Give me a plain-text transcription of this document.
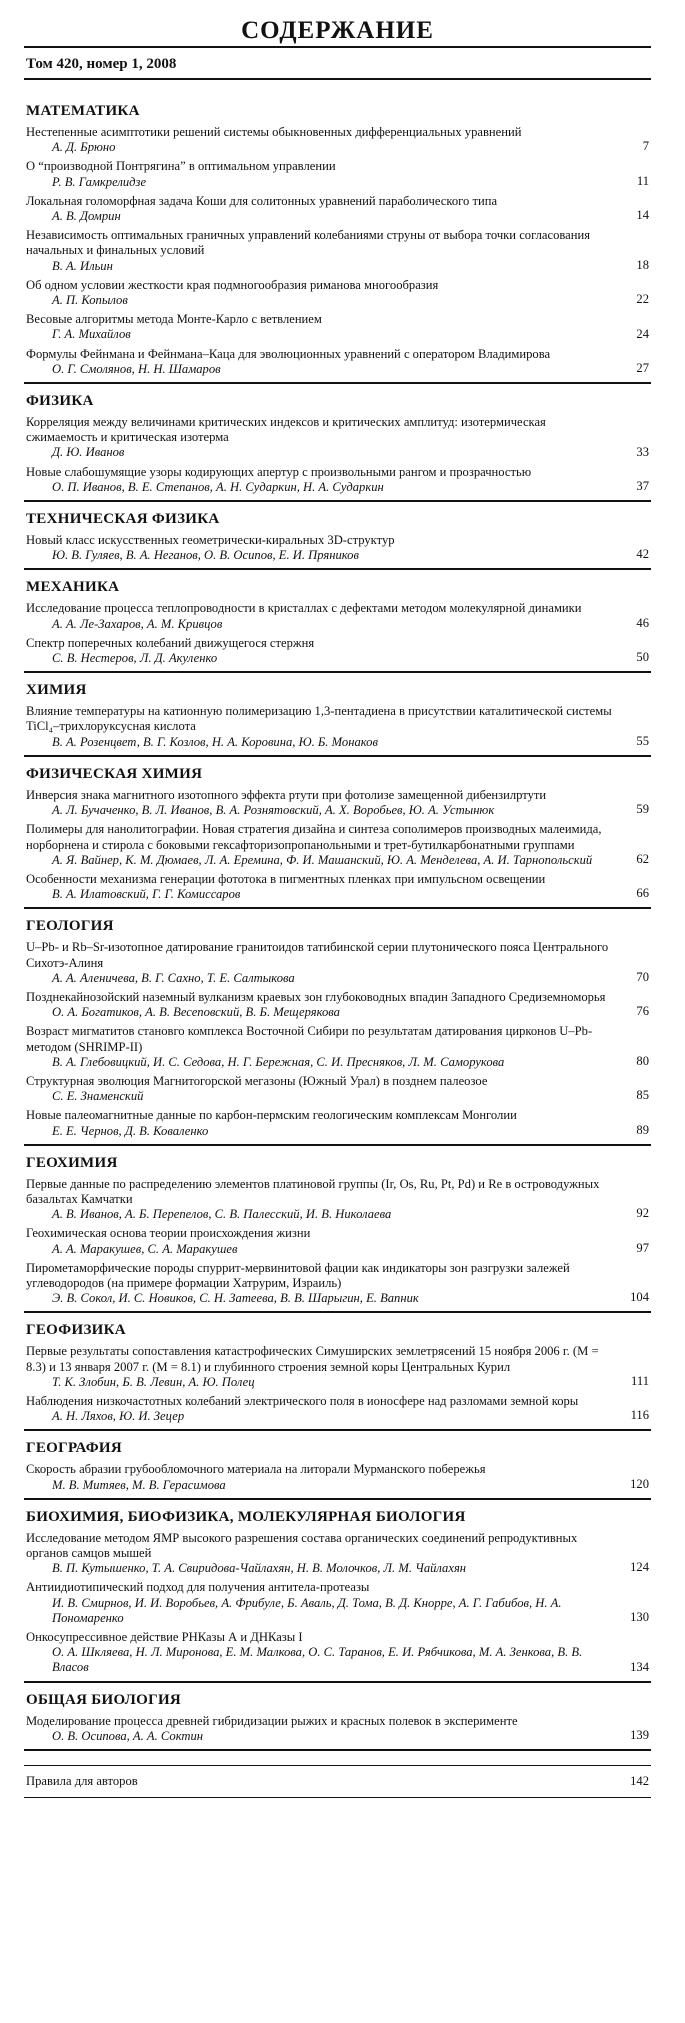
СОДЕРЖАНИЕ
Том 420, номер 1, 2008
МАТЕМАТИКА
Нестепенные асимптотики решений системы обыкновенных дифференциальных уравнений
А. Д. Брюно	7
О “производной Понтрягина” в оптимальном управлении
Р. В. Гамкрелидзе	11
Локальная голоморфная задача Коши для солитонных уравнений параболического типа
А. В. Домрин	14
Независимость оптимальных граничных управлений колебаниями струны от выбора точки согласования начальных и финальных условий
В. А. Ильин	18
Об одном условии жесткости края подмногообразия риманова многообразия
А. П. Копылов	22
Весовые алгоритмы метода Монте-Карло с ветвлением
Г. А. Михайлов	24
Формулы Фейнмана и Фейнмана–Каца для эволюционных уравнений с оператором Владимирова
О. Г. Смолянов, Н. Н. Шамаров	27
ФИЗИКА
Корреляция между величинами критических индексов и критических амплитуд: изотермическая сжимаемость и критическая изотерма
Д. Ю. Иванов	33
Новые слабошумящие узоры кодирующих апертур с произвольными рангом и прозрачностью
О. П. Иванов, В. Е. Степанов, А. Н. Сударкин, Н. А. Сударкин	37
ТЕХНИЧЕСКАЯ ФИЗИКА
Новый класс искусственных геометрически-киральных 3D-структур
Ю. В. Гуляев, В. А. Неганов, О. В. Осипов, Е. И. Пряников	42
МЕХАНИКА
Исследование процесса теплопроводности в кристаллах с дефектами методом молекулярной динамики
А. А. Ле-Захаров, А. М. Кривцов	46
Спектр поперечных колебаний движущегося стержня
С. В. Нестеров, Л. Д. Акуленко	50
ХИМИЯ
Влияние температуры на катионную полимеризацию 1,3-пентадиена в присутствии каталитической системы TiCl₄–трихлоруксусная кислота
В. А. Розенцвет, В. Г. Козлов, Н. А. Коровина, Ю. Б. Монаков	55
ФИЗИЧЕСКАЯ ХИМИЯ
Инверсия знака магнитного изотопного эффекта ртути при фотолизе замещенной дибензилртути
А. Л. Бучаченко, В. Л. Иванов, В. А. Рознятовский, А. Х. Воробьев, Ю. А. Устынюк	59
Полимеры для нанолитографии. Новая стратегия дизайна и синтеза сополимеров производных малеимида, норборнена и стирола с боковыми гексафторизопропанольными и трет-бутилкарбонатными группами
А. Я. Вайнер, К. М. Дюмаев, Л. А. Еремина, Ф. И. Машанский, Ю. А. Менделева, А. И. Тарнопольский	62
Особенности механизма генерации фототока в пигментных пленках при импульсном освещении
В. А. Илатовский, Г. Г. Комиссаров	66
ГЕОЛОГИЯ
U–Pb- и Rb–Sr-изотопное датирование гранитоидов татибинской серии плутонического пояса Центрального Сихотэ-Алиня
А. А. Аленичева, В. Г. Сахно, Т. Е. Салтыкова	70
Позднекайнозойский наземный вулканизм краевых зон глубоководных впадин Западного Средиземноморья
О. А. Богатиков, А. В. Весеповский, В. Б. Мещерякова	76
Возраст мигматитов становго комплекса Восточной Сибири по результатам датирования цирконов U–Pb-методом (SHRIMP-II)
В. А. Глебовицкий, И. С. Седова, Н. Г. Бережная, С. И. Пресняков, Л. М. Саморукова	80
Структурная эволюция Магнитогорской мегазоны (Южный Урал) в позднем палеозое
С. Е. Знаменский	85
Новые палеомагнитные данные по карбон-пермским геологическим комплексам Монголии
Е. Е. Чернов, Д. В. Коваленко	89
ГЕОХИМИЯ
Первые данные по распределению элементов платиновой группы (Ir, Os, Ru, Pt, Pd) и Re в островодужных базальтах Камчатки
А. В. Иванов, А. Б. Перепелов, С. В. Палесский, И. В. Николаева	92
Геохимическая основа теории происхождения жизни
А. А. Маракушев, С. А. Маракушев	97
Пирометаморфические породы спуррит-мервинитовой фации как индикаторы зон разгрузки залежей углеводородов (на примере формации Хатрурим, Израиль)
Э. В. Сокол, И. С. Новиков, С. Н. Затеева, В. В. Шарыгин, Е. Вапник	104
ГЕОФИЗИКА
Первые результаты сопоставления катастрофических Симуширских землетрясений 15 ноября 2006 г. (M = 8.3) и 13 января 2007 г. (M = 8.1) и глубинного строения земной коры Центральных Курил
Т. К. Злобин, Б. В. Левин, А. Ю. Полец	111
Наблюдения низкочастотных колебаний электрического поля в ионосфере над разломами земной коры
А. Н. Ляхов, Ю. И. Зецер	116
ГЕОГРАФИЯ
Скорость абразии грубообломочного материала на литорали Мурманского побережья
М. В. Митяев, М. В. Герасимова	120
БИОХИМИЯ, БИОФИЗИКА, МОЛЕКУЛЯРНАЯ БИОЛОГИЯ
Исследование методом ЯМР высокого разрешения состава органических соединений репродуктивных органов самцов мышей
В. П. Кутышенко, Т. А. Свиридова-Чайлахян, Н. В. Молочков, Л. М. Чайлахян	124
Антиидиотипический подход для получения антитела-протеазы
И. В. Смирнов, И. И. Воробьев, А. Фрибуле, Б. Аваль, Д. Тома, В. Д. Кнорре, А. Г. Габибов, Н. А. Пономаренко	130
Онкосупрессивное действие РНКазы А и ДНКазы I
О. А. Шкляева, Н. Л. Миронова, Е. М. Малкова, О. С. Таранов, Е. И. Рябчикова, М. А. Зенкова, В. В. Власов	134
ОБЩАЯ БИОЛОГИЯ
Моделирование процесса древней гибридизации рыжих и красных полевок в эксперименте
О. В. Осипова, А. А. Соктин	139
Правила для авторов	142
